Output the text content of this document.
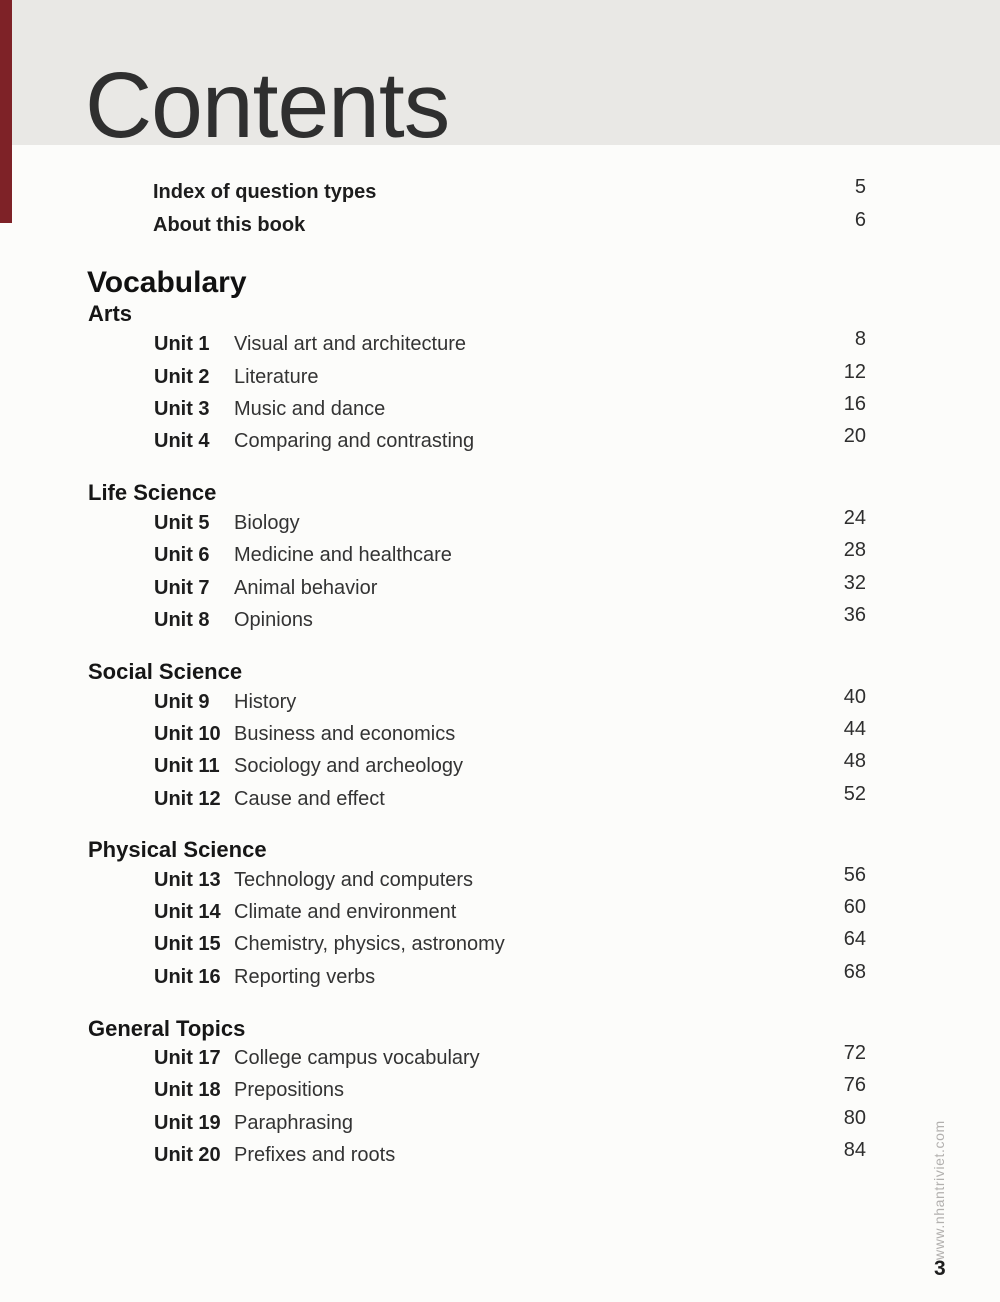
Contents
Index of question types	5
About this book	6
Vocabulary
Arts
Unit 1 Visual art and architecture	8
Unit 2 Literature	12
Unit 3 Music and dance	16
Unit 4 Comparing and contrasting	20
Life Science
Unit 5 Biology	24
Unit 6 Medicine and healthcare	28
Unit 7 Animal behavior	32
Unit 8 Opinions	36
Social Science
Unit 9 History	40
Unit 10 Business and economics	44
Unit 11 Sociology and archeology	48
Unit 12 Cause and effect	52
Physical Science
Unit 13 Technology and computers	56
Unit 14 Climate and environment	60
Unit 15 Chemistry, physics, astronomy	64
Unit 16 Reporting verbs	68
General Topics
Unit 17 College campus vocabulary	72
Unit 18 Prepositions	76
Unit 19 Paraphrasing	80
Unit 20 Prefixes and roots	84	www.nhantriviet.com
3
